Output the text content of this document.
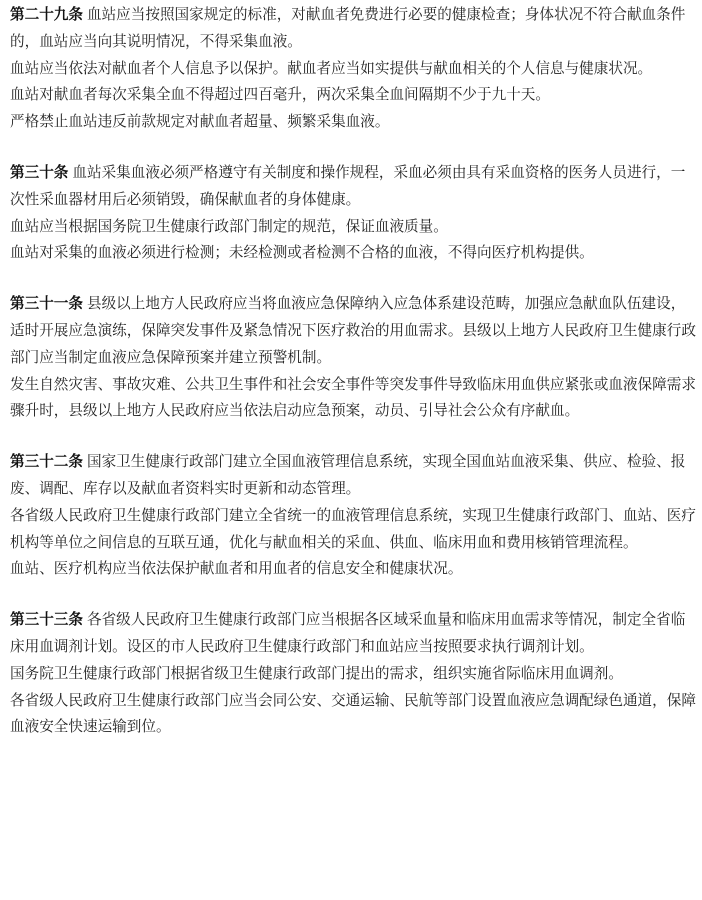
第二十九条 血站应当按照国家规定的标准，对献血者免费进行必要的健康检查；身体状况不符合献血条件的，血站应当向其说明情况，不得采集血液。

血站应当依法对献血者个人信息予以保护。献血者应当如实提供与献血相关的个人信息与健康状况。

血站对献血者每次采集全血不得超过四百毫升，两次采集全血间隔期不少于九十天。

严格禁止血站违反前款规定对献血者超量、频繁采集血液。

第三十条 血站采集血液必须严格遵守有关制度和操作规程，采血必须由具有采血资格的医务人员进行，一次性采血器材用后必须销毁，确保献血者的身体健康。

血站应当根据国务院卫生健康行政部门制定的规范，保证血液质量。

血站对采集的血液必须进行检测；未经检测或者检测不合格的血液，不得向医疗机构提供。

第三十一条 县级以上地方人民政府应当将血液应急保障纳入应急体系建设范畴，加强应急献血队伍建设，适时开展应急演练，保障突发事件及紧急情况下医疗救治的用血需求。县级以上地方人民政府卫生健康行政部门应当制定血液应急保障预案并建立预警机制。

发生自然灾害、事故灾难、公共卫生事件和社会安全事件等突发事件导致临床用血供应紧张或血液保障需求骤升时，县级以上地方人民政府应当依法启动应急预案，动员、引导社会公众有序献血。

第三十二条 国家卫生健康行政部门建立全国血液管理信息系统，实现全国血站血液采集、供应、检验、报废、调配、库存以及献血者资料实时更新和动态管理。

各省级人民政府卫生健康行政部门建立全省统一的血液管理信息系统，实现卫生健康行政部门、血站、医疗机构等单位之间信息的互联互通，优化与献血相关的采血、供血、临床用血和费用核销管理流程。

血站、医疗机构应当依法保护献血者和用血者的信息安全和健康状况。

第三十三条 各省级人民政府卫生健康行政部门应当根据各区域采血量和临床用血需求等情况，制定全省临床用血调剂计划。设区的市人民政府卫生健康行政部门和血站应当按照要求执行调剂计划。

国务院卫生健康行政部门根据省级卫生健康行政部门提出的需求，组织实施省际临床用血调剂。

各省级人民政府卫生健康行政部门应当会同公安、交通运输、民航等部门设置血液应急调配绿色通道，保障血液安全快速运输到位。
